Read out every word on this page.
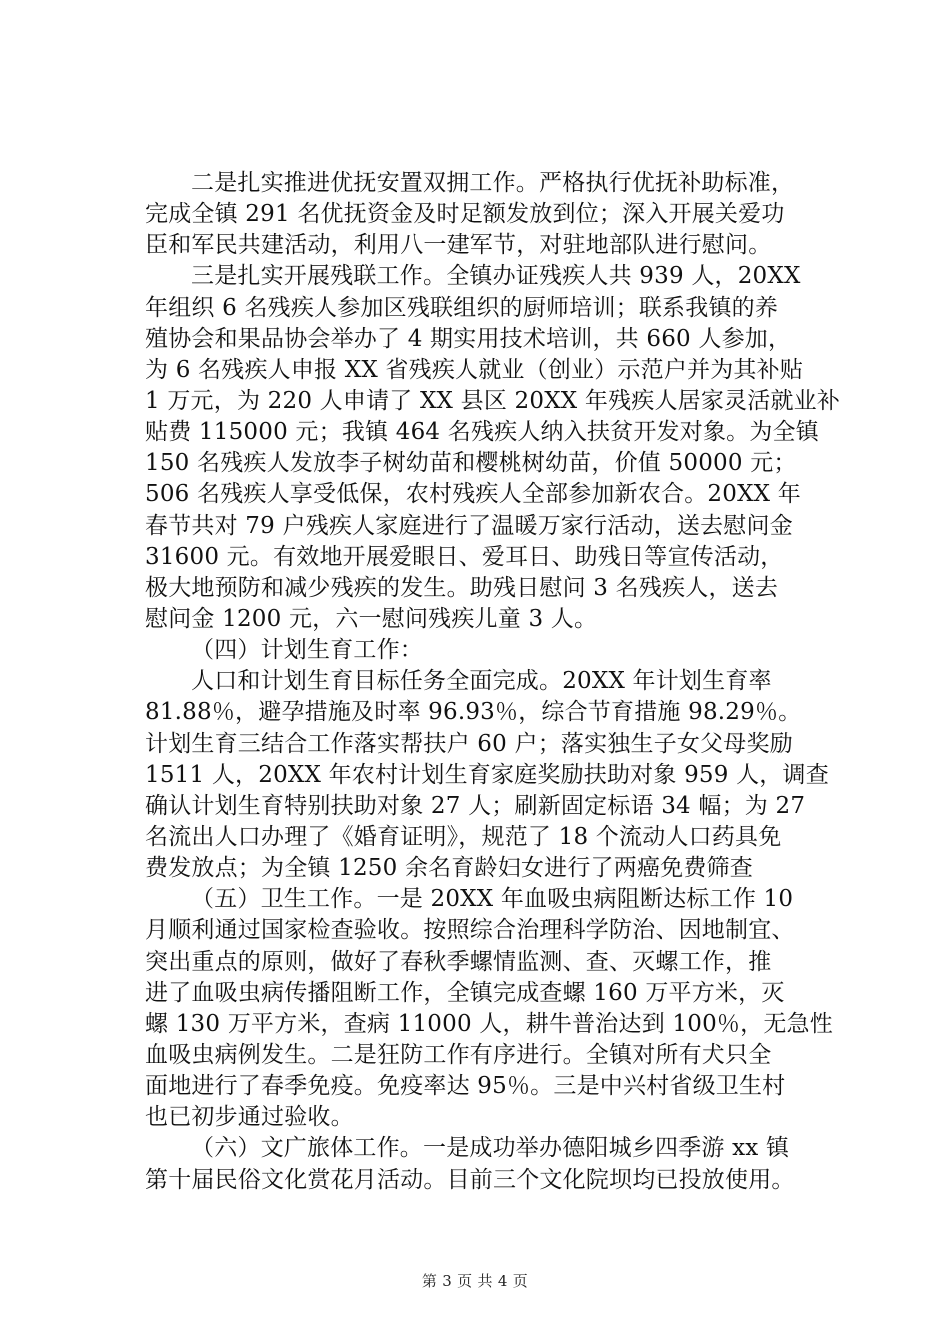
二是扎实推进优抚安置双拥工作。严格执行优抚补助标准，
完成全镇 291 名优抚资金及时足额发放到位；深入开展关爱功
臣和军民共建活动，利用八一建军节，对驻地部队进行慰问。
三是扎实开展残联工作。全镇办证残疾人共 939 人，20XX
年组织 6 名残疾人参加区残联组织的厨师培训；联系我镇的养
殖协会和果品协会举办了 4 期实用技术培训，共 660 人参加，
为 6 名残疾人申报 XX 省残疾人就业（创业）示范户并为其补贴
1 万元，为 220 人申请了 XX 县区 20XX 年残疾人居家灵活就业补
贴费 115000 元；我镇 464 名残疾人纳入扶贫开发对象。为全镇
150 名残疾人发放李子树幼苗和樱桃树幼苗，价值 50000 元；
506 名残疾人享受低保，农村残疾人全部参加新农合。20XX 年
春节共对 79 户残疾人家庭进行了温暖万家行活动，送去慰问金
31600 元。有效地开展爱眼日、爱耳日、助残日等宣传活动，
极大地预防和减少残疾的发生。助残日慰问 3 名残疾人，送去
慰问金 1200 元，六一慰问残疾儿童 3 人。
（四）计划生育工作：
人口和计划生育目标任务全面完成。20XX 年计划生育率
81.88％，避孕措施及时率 96.93％，综合节育措施 98.29％。
计划生育三结合工作落实帮扶户 60 户；落实独生子女父母奖励
1511 人，20XX 年农村计划生育家庭奖励扶助对象 959 人，调查
确认计划生育特别扶助对象 27 人；刷新固定标语 34 幅；为 27
名流出人口办理了《婚育证明》，规范了 18 个流动人口药具免
费发放点；为全镇 1250 余名育龄妇女进行了两癌免费筛查
（五）卫生工作。一是 20XX 年血吸虫病阻断达标工作 10
月顺利通过国家检查验收。按照综合治理科学防治、因地制宜、
突出重点的原则，做好了春秋季螺情监测、查、灭螺工作，推
进了血吸虫病传播阻断工作，全镇完成查螺 160 万平方米，灭
螺 130 万平方米，查病 11000 人，耕牛普治达到 100％，无急性
血吸虫病例发生。二是狂防工作有序进行。全镇对所有犬只全
面地进行了春季免疫。免疫率达 95％。三是中兴村省级卫生村
也已初步通过验收。
（六）文广旅体工作。一是成功举办德阳城乡四季游 xx 镇
第十届民俗文化赏花月活动。目前三个文化院坝均已投放使用。
第 3 页 共 4 页
